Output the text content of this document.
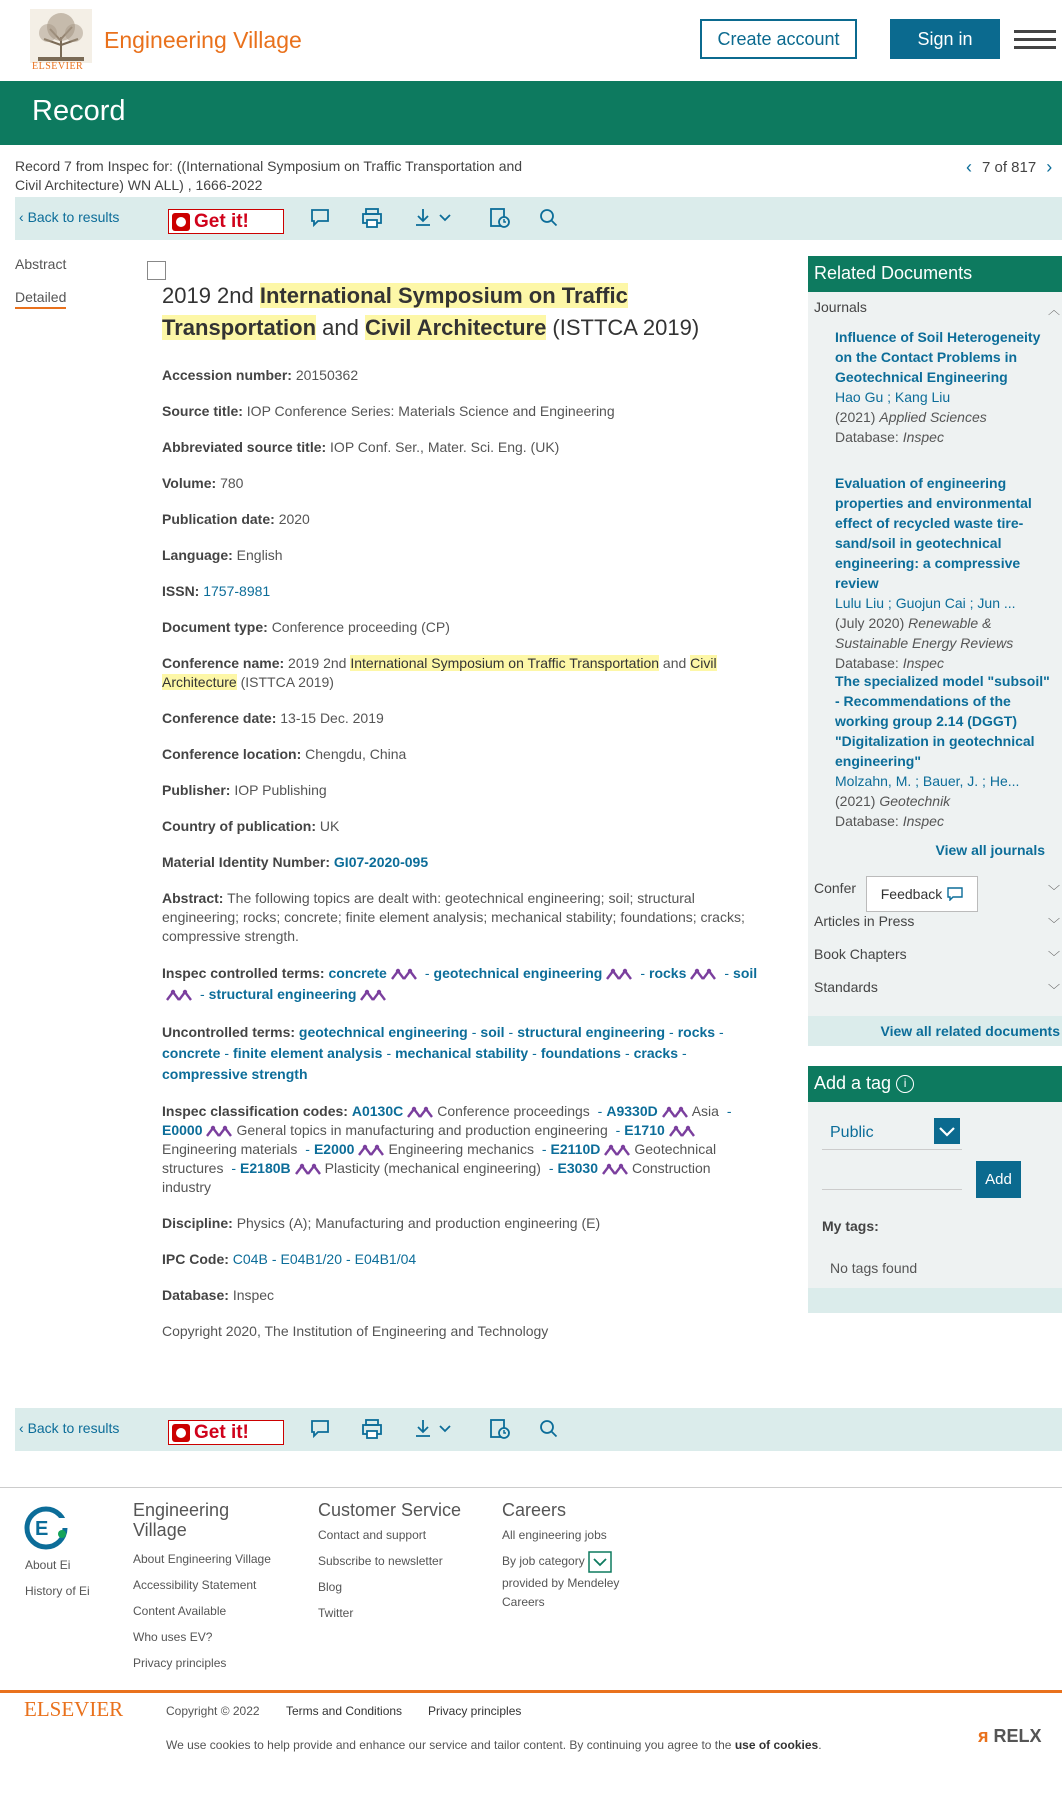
ELSEVIER
Engineering Village	Create account	Sign in
Record
Record 7 from Inspec for: ((International Symposium on Traffic Transportation and Civil Architecture) WN ALL) , 1666-2022
‹ 7 of 817 ›
‹ Back to results	Get it!
Abstract
Detailed	2019 2nd International Symposium on Traffic Transportation and Civil Architecture (ISTTCA 2019)
Accession number: 20150362
Source title: IOP Conference Series: Materials Science and Engineering
Abbreviated source title: IOP Conf. Ser., Mater. Sci. Eng. (UK)
Volume: 780
Publication date: 2020
Language: English
ISSN: 1757-8981
Document type: Conference proceeding (CP)
Conference name: 2019 2nd International Symposium on Traffic Transportation and Civil Architecture (ISTTCA 2019)
Conference date: 13-15 Dec. 2019
Conference location: Chengdu, China
Publisher: IOP Publishing
Country of publication: UK
Material Identity Number: GI07-2020-095
Abstract: The following topics are dealt with: geotechnical engineering; soil; structural engineering; rocks; concrete; finite element analysis; mechanical stability; foundations; cracks; compressive strength.
Inspec controlled terms: concrete	- geotechnical engineering	- rocks	- soil- structural engineering
Uncontrolled terms: geotechnical engineering - soil - structural engineering - rocks -concrete - finite element analysis - mechanical stability - foundations - cracks -compressive strength
Inspec classification codes: A0130C Conference proceedings - A9330D Asia -E0000 General topics in manufacturing and production engineering - E1710Engineering materials - E2000 Engineering mechanics - E2110D Geotechnical structures - E2180B Plasticity (mechanical engineering) - E3030 Construction industry
Discipline: Physics (A); Manufacturing and production engineering (E)
IPC Code: C04B - E04B1/20 - E04B1/04
Database: Inspec
Copyright 2020, The Institution of Engineering and Technology
‹ Back to results	Get it!
Related Documents
Journals	︿
Influence of Soil Heterogeneity on the Contact Problems in Geotechnical Engineering
Hao Gu ; Kang Liu
(2021) Applied Sciences
Database: Inspec
Evaluation of engineering properties and environmental effect of recycled waste tire-sand/soil in geotechnical engineering: a compressive review
Lulu Liu ; Guojun Cai ; Jun ...
(July 2020) Renewable & Sustainable Energy Reviews
Database: Inspec
The specialized model "subsoil" - Recommendations of the working group 2.14 (DGGT) "Digitalization in geotechnical engineering"
Molzahn, M. ; Bauer, J. ; He...
(2021) Geotechnik
Database: Inspec
View all journals
Confer	﹀
Feedback
Articles in Press	﹀
Book Chapters	﹀
Standards	﹀
View all related documents
Add a tag i
Public
Add
My tags:
No tags found
E
About Ei
History of Ei
Engineering Village
About Engineering Village
Accessibility Statement
Content Available
Who uses EV?
Privacy principles
Customer Service
Contact and support
Subscribe to newsletter
Blog
Twitter
Careers
All engineering jobs
By job category
provided by Mendeley Careers
ELSEVIER	Copyright © 2022 Terms and Conditions Privacy principles
We use cookies to help provide and enhance our service and tailor content. By continuing you agree to the use of cookies.	ᴙ RELX
